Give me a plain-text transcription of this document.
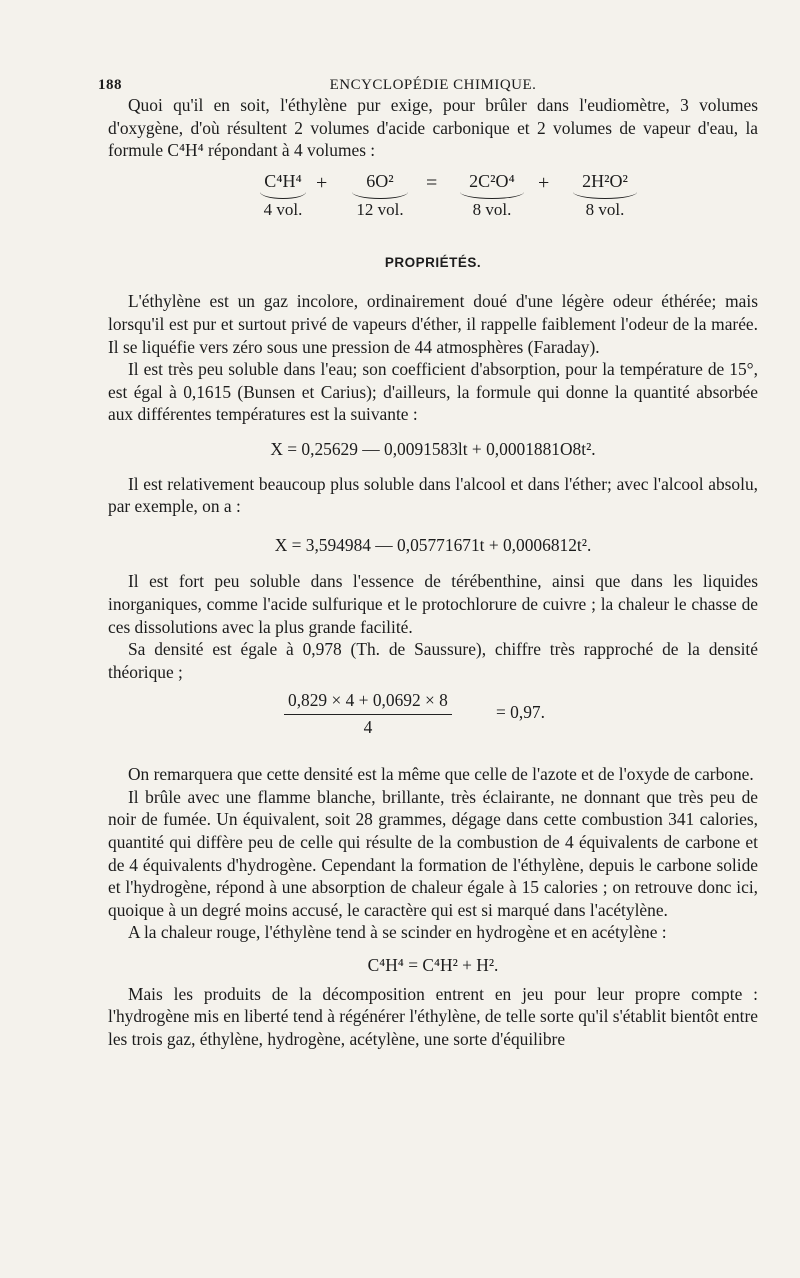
188	ENCYCLOPÉDIE CHIMIQUE.

Quoi qu'il en soit, l'éthylène pur exige, pour brûler dans l'eudiomètre, 3 volumes d'oxygène, d'où résultent 2 volumes d'acide carbonique et 2 volumes de vapeur d'eau, la formule C⁴H⁴ répondant à 4 volumes :

C⁴H⁴
4 vol.
+	6O²
12 vol.
=	2C²O⁴
8 vol.
+	2H²O²
8 vol.
PROPRIÉTÉS.

L'éthylène est un gaz incolore, ordinairement doué d'une légère odeur éthérée; mais lorsqu'il est pur et surtout privé de vapeurs d'éther, il rappelle faiblement l'odeur de la marée. Il se liquéfie vers zéro sous une pression de 44 atmosphères (Faraday).

Il est très peu soluble dans l'eau; son coefficient d'absorption, pour la température de 15°, est égal à 0,1615 (Bunsen et Carius); d'ailleurs, la formule qui donne la quantité absorbée aux différentes températures est la suivante :

X = 0,25629 — 0,0091583lt + 0,0001881O8t².

Il est relativement beaucoup plus soluble dans l'alcool et dans l'éther; avec l'alcool absolu, par exemple, on a :

X = 3,594984 — 0,05771671t + 0,0006812t².

Il est fort peu soluble dans l'essence de térébenthine, ainsi que dans les liquides inorganiques, comme l'acide sulfurique et le protochlorure de cuivre ; la chaleur le chasse de ces dissolutions avec la plus grande facilité.

Sa densité est égale à 0,978 (Th. de Saussure), chiffre très rapproché de la densité théorique ;

$\frac{0,829 \times 4 + 0,0692 \times 8}{4}$	= 0,97.

On remarquera que cette densité est la même que celle de l'azote et de l'oxyde de carbone.

Il brûle avec une flamme blanche, brillante, très éclairante, ne donnant que très peu de noir de fumée. Un équivalent, soit 28 grammes, dégage dans cette combustion 341 calories, quantité qui diffère peu de celle qui résulte de la combustion de 4 équivalents de carbone et de 4 équivalents d'hydrogène. Cependant la formation de l'éthylène, depuis le carbone solide et l'hydrogène, répond à une absorption de chaleur égale à 15 calories ; on retrouve donc ici, quoique à un degré moins accusé, le caractère qui est si marqué dans l'acétylène.

A la chaleur rouge, l'éthylène tend à se scinder en hydrogène et en acétylène :

C⁴H⁴ = C⁴H² + H².

Mais les produits de la décomposition entrent en jeu pour leur propre compte : l'hydrogène mis en liberté tend à régénérer l'éthylène, de telle sorte qu'il s'établit bientôt entre les trois gaz, éthylène, hydrogène, acétylène, une sorte d'équilibre
